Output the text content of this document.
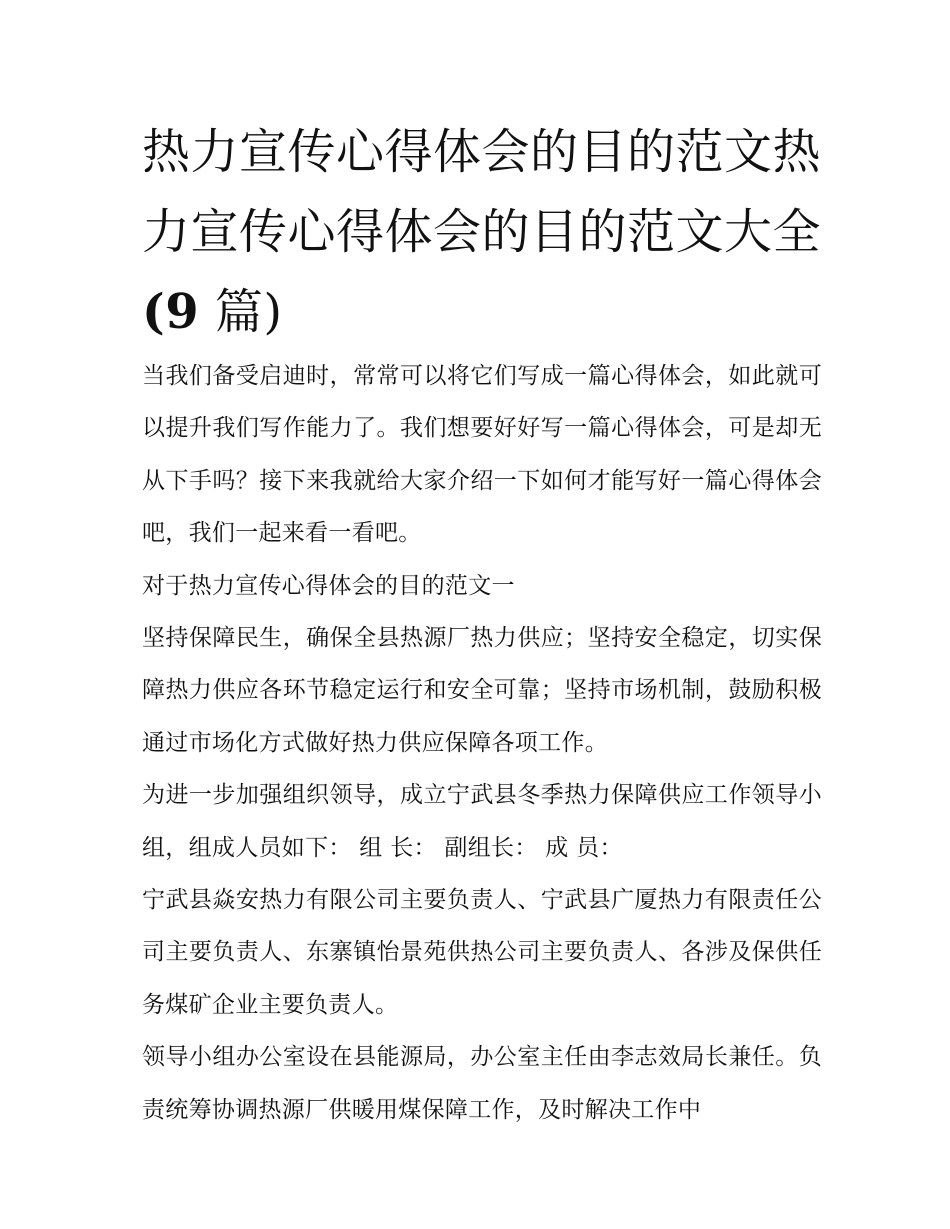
热力宣传心得体会的目的范文热力宣传心得体会的目的范文大全(9 篇)

当我们备受启迪时，常常可以将它们写成一篇心得体会，如此就可以提升我们写作能力了。我们想要好好写一篇心得体会，可是却无从下手吗？接下来我就给大家介绍一下如何才能写好一篇心得体会吧，我们一起来看一看吧。

对于热力宣传心得体会的目的范文一

坚持保障民生，确保全县热源厂热力供应；坚持安全稳定，切实保障热力供应各环节稳定运行和安全可靠；坚持市场机制，鼓励积极通过市场化方式做好热力供应保障各项工作。

为进一步加强组织领导，成立宁武县冬季热力保障供应工作领导小组，组成人员如下： 组 长： 副组长： 成 员：

宁武县焱安热力有限公司主要负责人、宁武县广厦热力有限责任公司主要负责人、东寨镇怡景苑供热公司主要负责人、各涉及保供任务煤矿企业主要负责人。

领导小组办公室设在县能源局，办公室主任由李志效局长兼任。负责统筹协调热源厂供暖用煤保障工作，及时解决工作中
